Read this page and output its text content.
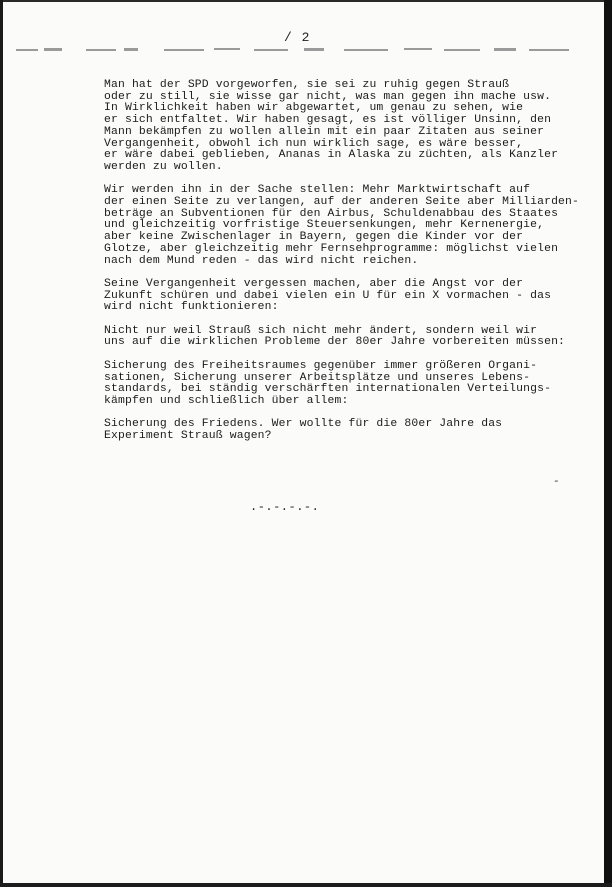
/ 2
Man hat der SPD vorgeworfen, sie sei zu ruhig gegen Strauß
oder zu still, sie wisse gar nicht, was man gegen ihn mache usw.
In Wirklichkeit haben wir abgewartet, um genau zu sehen, wie
er sich entfaltet. Wir haben gesagt, es ist völliger Unsinn, den
Mann bekämpfen zu wollen allein mit ein paar Zitaten aus seiner
Vergangenheit, obwohl ich nun wirklich sage, es wäre besser,
er wäre dabei geblieben, Ananas in Alaska zu züchten, als Kanzler
werden zu wollen.
Wir werden ihn in der Sache stellen: Mehr Marktwirtschaft auf
der einen Seite zu verlangen, auf der anderen Seite aber Milliarden-
beträge an Subventionen für den Airbus, Schuldenabbau des Staates
und gleichzeitig vorfristige Steuersenkungen, mehr Kernenergie,
aber keine Zwischenlager in Bayern, gegen die Kinder vor der
Glotze, aber gleichzeitig mehr Fernsehprogramme: möglichst vielen
nach dem Mund reden - das wird nicht reichen.
Seine Vergangenheit vergessen machen, aber die Angst vor der
Zukunft schüren und dabei vielen ein U für ein X vormachen - das
wird nicht funktionieren:
Nicht nur weil Strauß sich nicht mehr ändert, sondern weil wir
uns auf die wirklichen Probleme der 80er Jahre vorbereiten müssen:
Sicherung des Freiheitsraumes gegenüber immer größeren Organi-
sationen, Sicherung unserer Arbeitsplätze und unseres Lebens-
standards, bei ständig verschärften internationalen Verteilungs-
kämpfen und schließlich über allem:
Sicherung des Friedens. Wer wollte für die 80er Jahre das
Experiment Strauß wagen?
-
.-.-.-.-.
